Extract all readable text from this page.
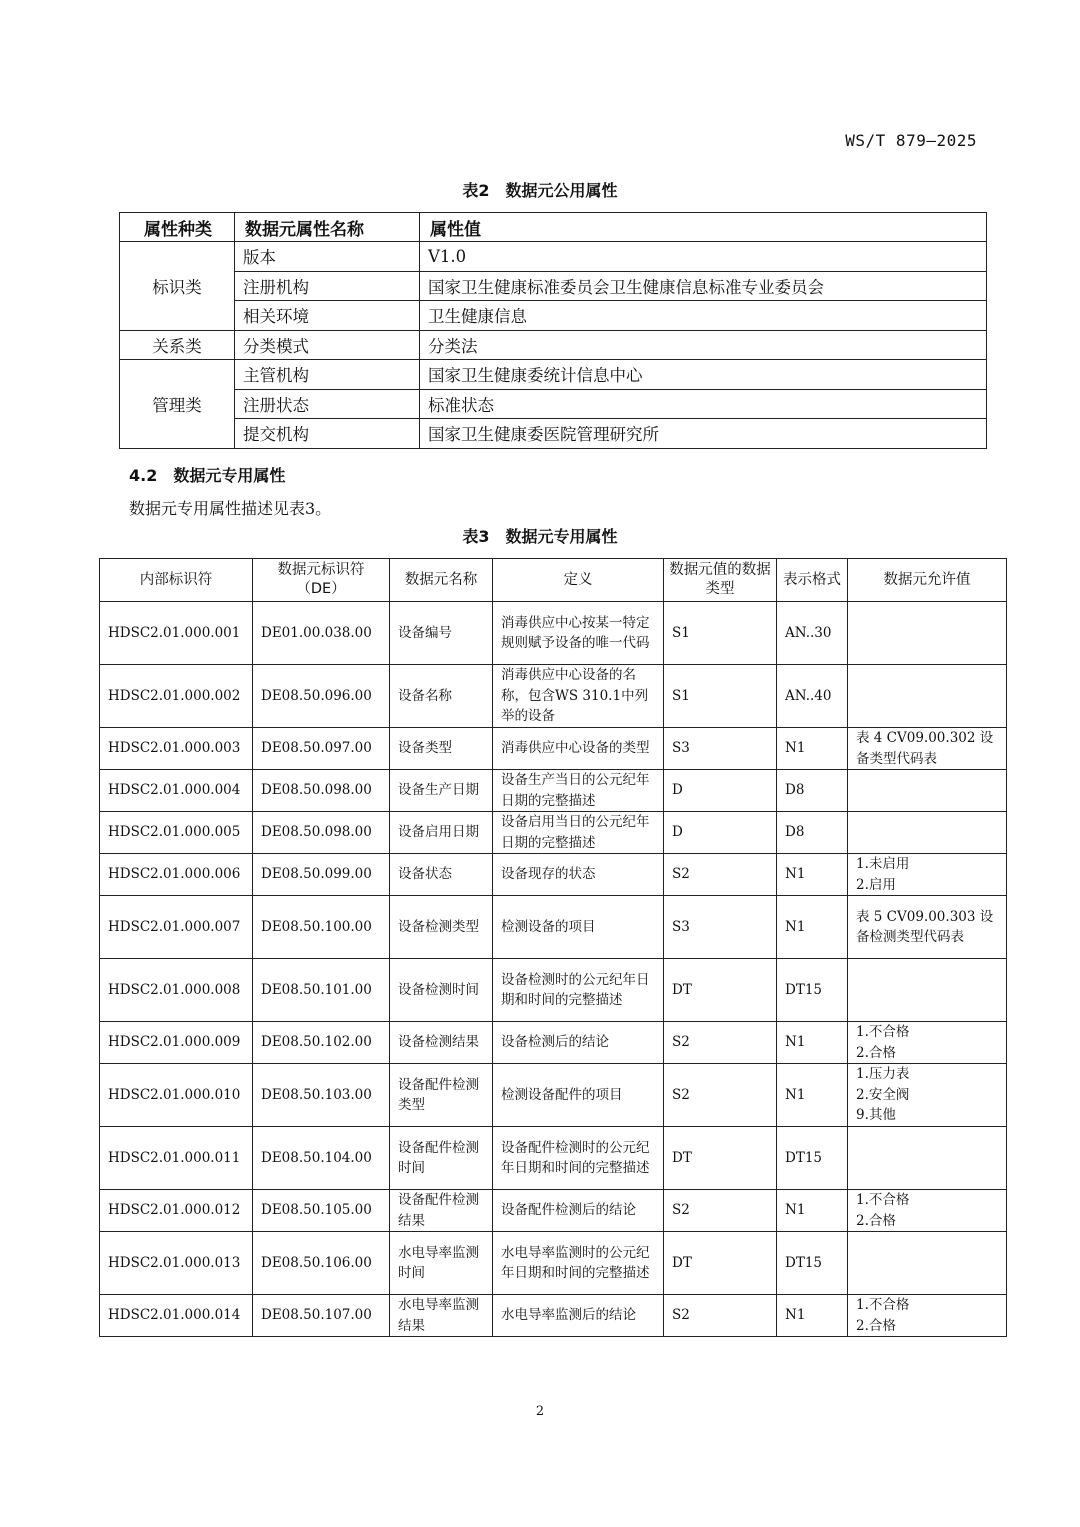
WS/T 879—2025
表2　数据元公用属性
属性种类	数据元属性名称	属性值
标识类	版本	V1.0
	注册机构	国家卫生健康标准委员会卫生健康信息标准专业委员会
	相关环境	卫生健康信息
关系类	分类模式	分类法
管理类	主管机构	国家卫生健康委统计信息中心
	注册状态	标准状态
	提交机构	国家卫生健康委医院管理研究所
4.2　数据元专用属性
数据元专用属性描述见表3。
表3　数据元专用属性
内部标识符	数据元标识符（DE）	数据元名称	定义	数据元值的数据类型	表示格式	数据元允许值
HDSC2.01.000.001	DE01.00.038.00	设备编号	消毒供应中心按某一特定规则赋予设备的唯一代码	S1	AN..30	
HDSC2.01.000.002	DE08.50.096.00	设备名称	消毒供应中心设备的名称，包含WS 310.1中列举的设备	S1	AN..40	
HDSC2.01.000.003	DE08.50.097.00	设备类型	消毒供应中心设备的类型	S3	N1	表 4 CV09.00.302 设备类型代码表
HDSC2.01.000.004	DE08.50.098.00	设备生产日期	设备生产当日的公元纪年日期的完整描述	D	D8	
HDSC2.01.000.005	DE08.50.098.00	设备启用日期	设备启用当日的公元纪年日期的完整描述	D	D8	
HDSC2.01.000.006	DE08.50.099.00	设备状态	设备现存的状态	S2	N1	1.未启用
2.启用
HDSC2.01.000.007	DE08.50.100.00	设备检测类型	检测设备的项目	S3	N1	表 5 CV09.00.303 设备检测类型代码表
HDSC2.01.000.008	DE08.50.101.00	设备检测时间	设备检测时的公元纪年日期和时间的完整描述	DT	DT15	
HDSC2.01.000.009	DE08.50.102.00	设备检测结果	设备检测后的结论	S2	N1	1.不合格
2.合格
HDSC2.01.000.010	DE08.50.103.00	设备配件检测类型	检测设备配件的项目	S2	N1	1.压力表
2.安全阀
9.其他
HDSC2.01.000.011	DE08.50.104.00	设备配件检测时间	设备配件检测时的公元纪年日期和时间的完整描述	DT	DT15	
HDSC2.01.000.012	DE08.50.105.00	设备配件检测结果	设备配件检测后的结论	S2	N1	1.不合格
2.合格
HDSC2.01.000.013	DE08.50.106.00	水电导率监测时间	水电导率监测时的公元纪年日期和时间的完整描述	DT	DT15	
HDSC2.01.000.014	DE08.50.107.00	水电导率监测结果	水电导率监测后的结论	S2	N1	1.不合格
2.合格
2
